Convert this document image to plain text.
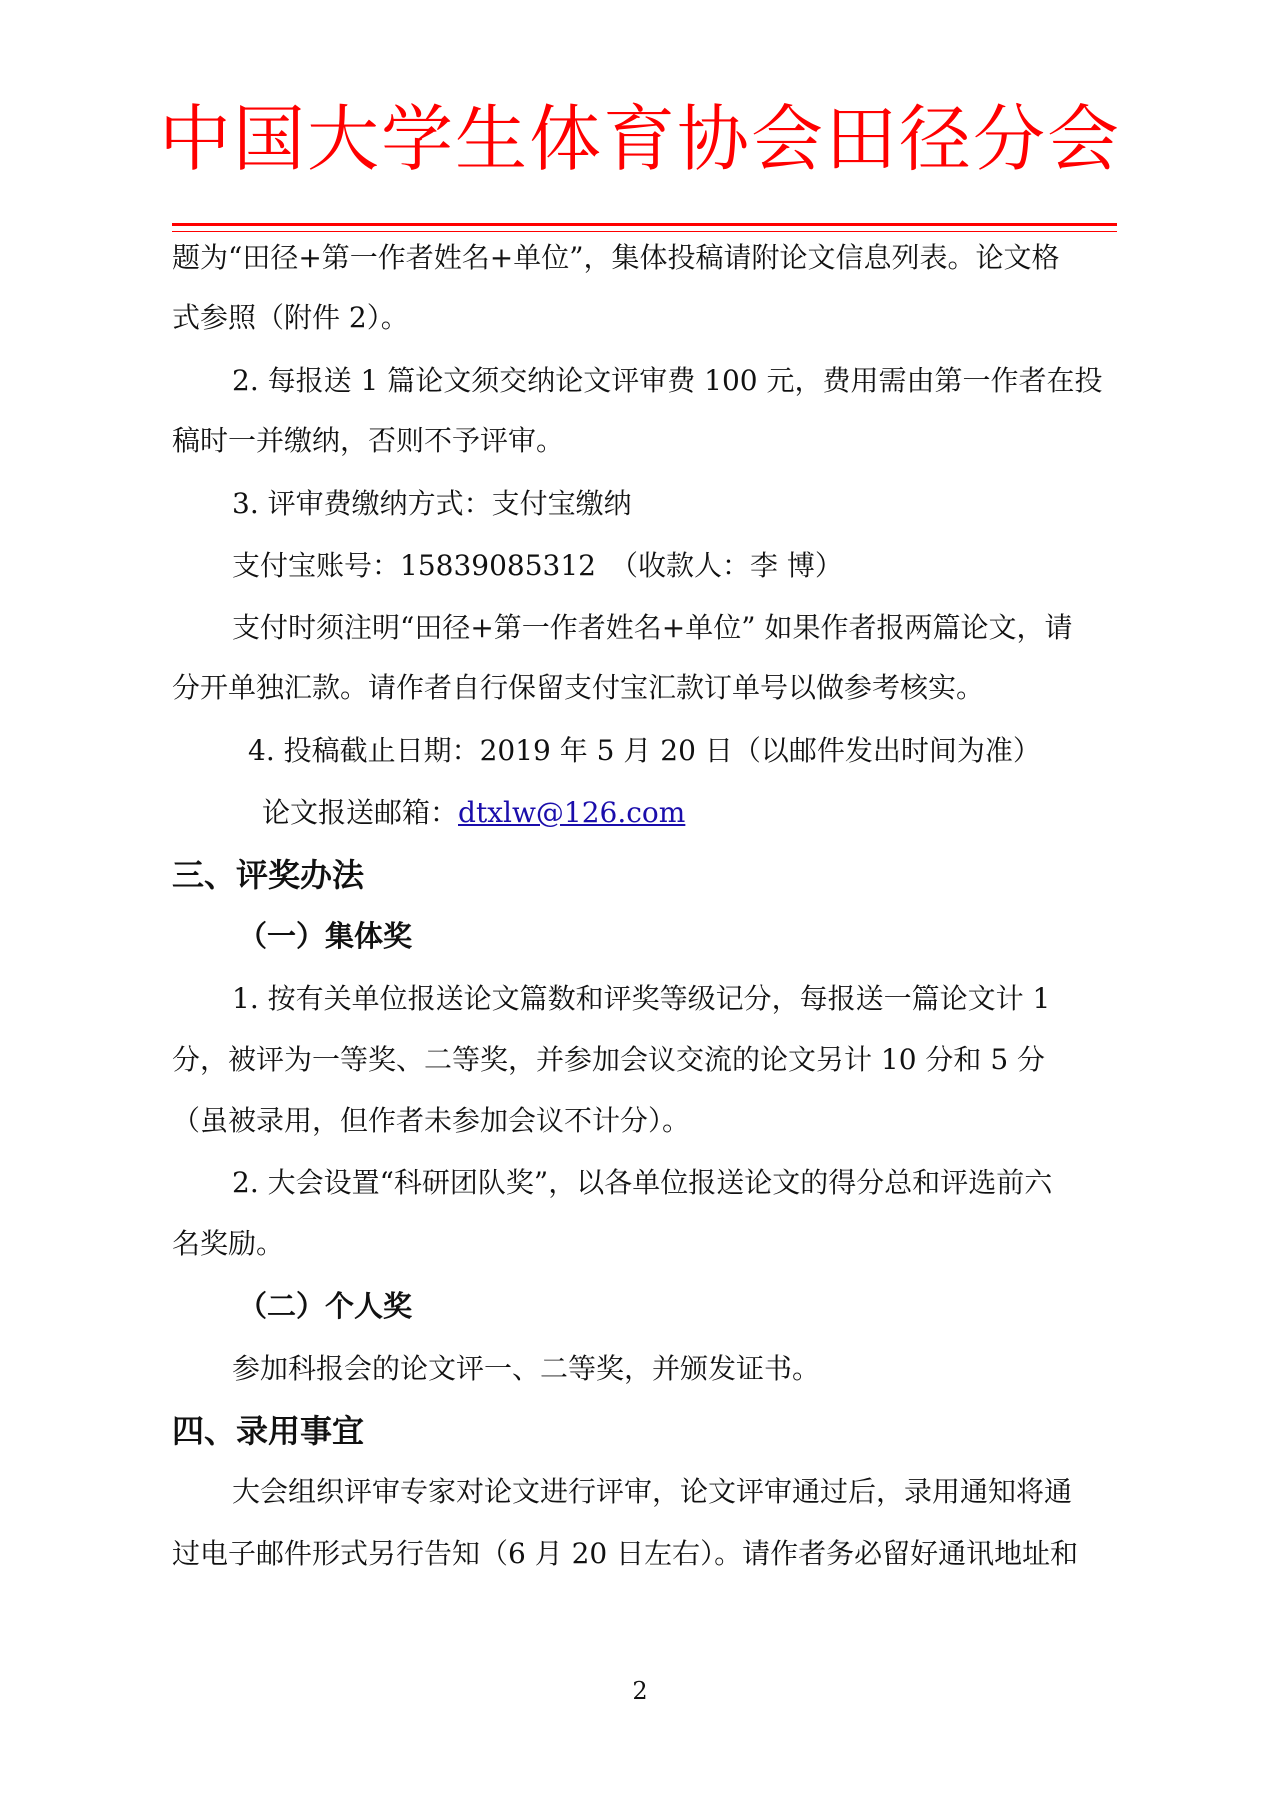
中国大学生体育协会田径分会
题为“田径+第一作者姓名+单位”，集体投稿请附论文信息列表。论文格
式参照（附件 2）。
2. 每报送 1 篇论文须交纳论文评审费 100 元，费用需由第一作者在投
稿时一并缴纳，否则不予评审。
3. 评审费缴纳方式：支付宝缴纳
支付宝账号：15839085312　（收款人：李 博）
支付时须注明“田径+第一作者姓名+单位” 如果作者报两篇论文，请
分开单独汇款。请作者自行保留支付宝汇款订单号以做参考核实。
4. 投稿截止日期：2019 年 5 月 20 日（以邮件发出时间为准）
论文报送邮箱：dtxlw@126.com
三、评奖办法
（一）集体奖
1. 按有关单位报送论文篇数和评奖等级记分，每报送一篇论文计 1
分，被评为一等奖、二等奖，并参加会议交流的论文另计 10 分和 5 分
（虽被录用，但作者未参加会议不计分）。
2. 大会设置“科研团队奖”，以各单位报送论文的得分总和评选前六
名奖励。
（二）个人奖
参加科报会的论文评一、二等奖，并颁发证书。
四、录用事宜
大会组织评审专家对论文进行评审，论文评审通过后，录用通知将通
过电子邮件形式另行告知（6 月 20 日左右）。请作者务必留好通讯地址和
2
